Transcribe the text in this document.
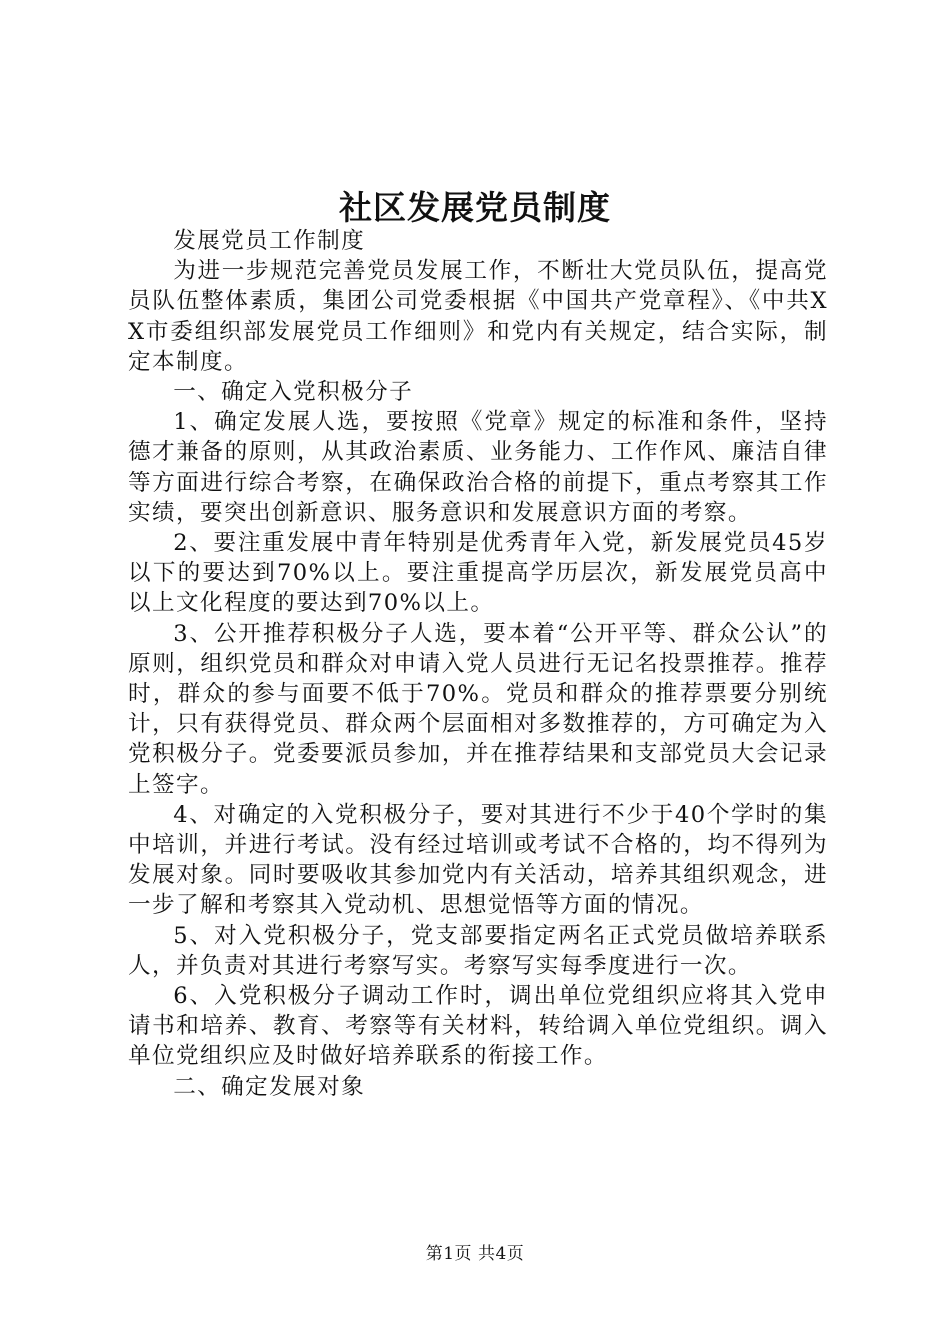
社区发展党员制度

发展党员工作制度

为进一步规范完善党员发展工作，不断壮大党员队伍，提高党员队伍整体素质，集团公司党委根据《中国共产党章程》、《中共XX市委组织部发展党员工作细则》和党内有关规定，结合实际，制定本制度。

一、确定入党积极分子

1、确定发展人选，要按照《党章》规定的标准和条件，坚持德才兼备的原则，从其政治素质、业务能力、工作作风、廉洁自律等方面进行综合考察，在确保政治合格的前提下，重点考察其工作实绩，要突出创新意识、服务意识和发展意识方面的考察。

2、要注重发展中青年特别是优秀青年入党，新发展党员45岁以下的要达到70%以上。要注重提高学历层次，新发展党员高中以上文化程度的要达到70%以上。

3、公开推荐积极分子人选，要本着“公开平等、群众公认”的原则，组织党员和群众对申请入党人员进行无记名投票推荐。推荐时，群众的参与面要不低于70%。党员和群众的推荐票要分别统计，只有获得党员、群众两个层面相对多数推荐的，方可确定为入党积极分子。党委要派员参加，并在推荐结果和支部党员大会记录上签字。

4、对确定的入党积极分子，要对其进行不少于40个学时的集中培训，并进行考试。没有经过培训或考试不合格的，均不得列为发展对象。同时要吸收其参加党内有关活动，培养其组织观念，进一步了解和考察其入党动机、思想觉悟等方面的情况。

5、对入党积极分子，党支部要指定两名正式党员做培养联系人，并负责对其进行考察写实。考察写实每季度进行一次。

6、入党积极分子调动工作时，调出单位党组织应将其入党申请书和培养、教育、考察等有关材料，转给调入单位党组织。调入单位党组织应及时做好培养联系的衔接工作。

二、确定发展对象

第1页 共4页
